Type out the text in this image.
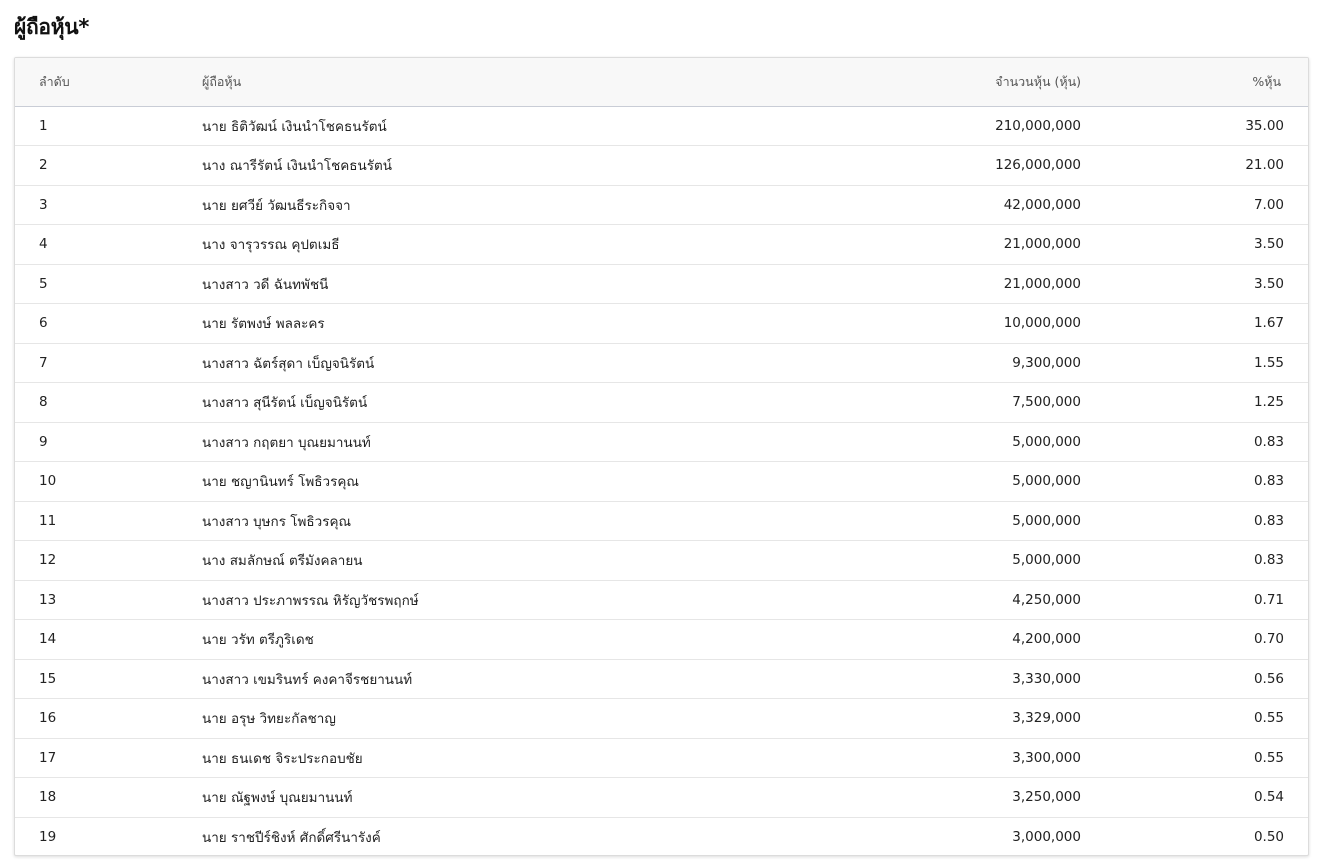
ผู้ถือหุ้น*
ลำดับ	ผู้ถือหุ้น	จำนวนหุ้น (หุ้น)	%หุ้น
1	นาย ธิติวัฒน์ เงินนำโชคธนรัตน์	210,000,000	35.00
2	นาง ณารีรัตน์ เงินนำโชคธนรัตน์	126,000,000	21.00
3	นาย ยศวีย์ วัฒนธีระกิจจา	42,000,000	7.00
4	นาง จารุวรรณ คุปตเมธี	21,000,000	3.50
5	นางสาว วดี ฉันทพัชนี	21,000,000	3.50
6	นาย รัตพงษ์ พลละคร	10,000,000	1.67
7	นางสาว ฉัตร์สุดา เบ็ญจนิรัตน์	9,300,000	1.55
8	นางสาว สุนีรัตน์ เบ็ญจนิรัตน์	7,500,000	1.25
9	นางสาว กฤตยา บุณยมานนท์	5,000,000	0.83
10	นาย ชญานินทร์ โพธิวรคุณ	5,000,000	0.83
11	นางสาว บุษกร โพธิวรคุณ	5,000,000	0.83
12	นาง สมลักษณ์ ตรีมังคลายน	5,000,000	0.83
13	นางสาว ประภาพรรณ หิรัญวัชรพฤกษ์	4,250,000	0.71
14	นาย วรัท ตรีภูริเดช	4,200,000	0.70
15	นางสาว เขมรินทร์ คงคาจีรชยานนท์	3,330,000	0.56
16	นาย อรุษ วิทยะกัลชาญ	3,329,000	0.55
17	นาย ธนเดช จิระประกอบชัย	3,300,000	0.55
18	นาย ณัฐพงษ์ บุณยมานนท์	3,250,000	0.54
19	นาย ราชปีร์ชิงห์ ศักดิ์ศรีนารังค์	3,000,000	0.50
